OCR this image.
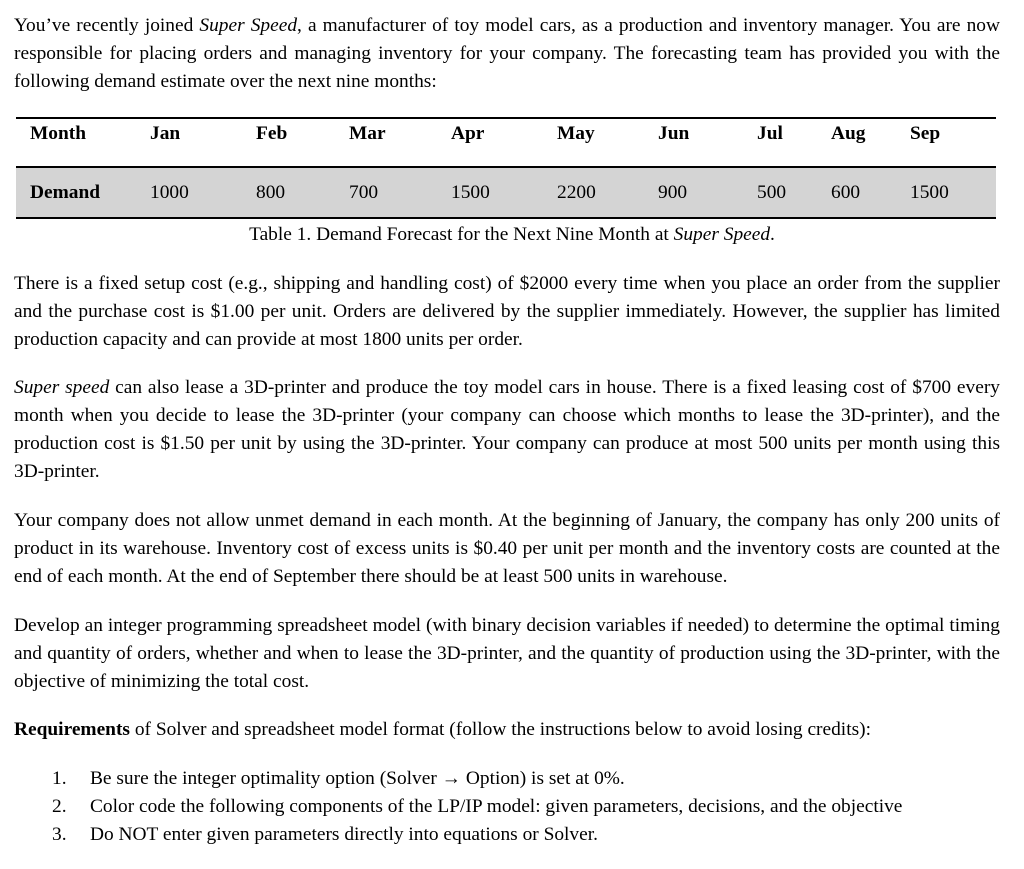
You’ve recently joined Super Speed, a manufacturer of toy model cars, as a production and inventory manager. You are now responsible for placing orders and managing inventory for your company. The forecasting team has provided you with the following demand estimate over the next nine months:

Month	Jan	Feb	Mar	Apr	May	Jun	Jul	Aug	Sep

Demand	1000	800	700	1500	2200	900	500	600	1500
Table 1. Demand Forecast for the Next Nine Month at Super Speed.

There is a fixed setup cost (e.g., shipping and handling cost) of $2000 every time when you place an order from the supplier and the purchase cost is $1.00 per unit. Orders are delivered by the supplier immediately. However, the supplier has limited production capacity and can provide at most 1800 units per order.

Super speed can also lease a 3D-printer and produce the toy model cars in house. There is a fixed leasing cost of $700 every month when you decide to lease the 3D-printer (your company can choose which months to lease the 3D-printer), and the production cost is $1.50 per unit by using the 3D-printer. Your company can produce at most 500 units per month using this 3D-printer.

Your company does not allow unmet demand in each month. At the beginning of January, the company has only 200 units of product in its warehouse. Inventory cost of excess units is $0.40 per unit per month and the inventory costs are counted at the end of each month. At the end of September there should be at least 500 units in warehouse.

Develop an integer programming spreadsheet model (with binary decision variables if needed) to determine the optimal timing and quantity of orders, whether and when to lease the 3D-printer, and the quantity of production using the 3D-printer, with the objective of minimizing the total cost.

Requirements of Solver and spreadsheet model format (follow the instructions below to avoid losing credits):

1. Be sure the integer optimality option (Solver → Option) is set at 0%.
2. Color code the following components of the LP/IP model: given parameters, decisions, and the objective
3. Do NOT enter given parameters directly into equations or Solver.
